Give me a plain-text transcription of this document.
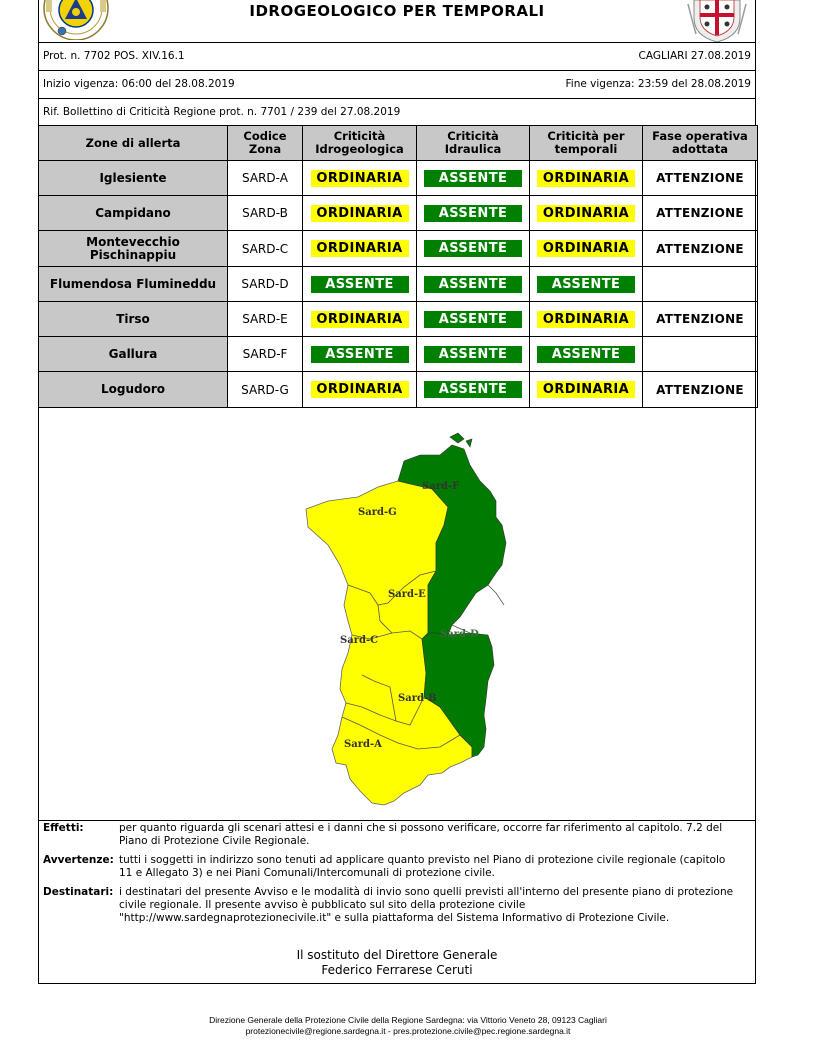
IDROGEOLOGICO PER TEMPORALI
Prot. n. 7702 POS. XIV.16.1	CAGLIARI 27.08.2019
Inizio vigenza: 06:00 del 28.08.2019	Fine vigenza: 23:59 del 28.08.2019
Rif. Bollettino di Criticità Regione prot. n. 7701 / 239 del 27.08.2019
Zone di allerta	Codice Zona	Criticità Idrogeologica	Criticità Idraulica	Criticità per temporali	Fase operativa adottata
Iglesiente	SARD-A	ORDINARIA	ASSENTE	ORDINARIA	ATTENZIONE
Campidano	SARD-B	ORDINARIA	ASSENTE	ORDINARIA	ATTENZIONE
Montevecchio Pischinappiu	SARD-C	ORDINARIA	ASSENTE	ORDINARIA	ATTENZIONE
Flumendosa Flumineddu	SARD-D	ASSENTE	ASSENTE	ASSENTE	
Tirso	SARD-E	ORDINARIA	ASSENTE	ORDINARIA	ATTENZIONE
Gallura	SARD-F	ASSENTE	ASSENTE	ASSENTE	
Logudoro	SARD-G	ORDINARIA	ASSENTE	ORDINARIA	ATTENZIONE
Sard-G
Sard-F
Sard-E
Sard-C
Sard-D
Sard-B
Sard-A
Effetti:	per quanto riguarda gli scenari attesi e i danni che si possono verificare, occorre far riferimento al capitolo. 7.2 del
Piano di Protezione Civile Regionale.
Avvertenze: tutti i soggetti in indirizzo sono tenuti ad applicare quanto previsto nel Piano di protezione civile regionale (capitolo
11 e Allegato 3) e nei Piani Comunali/Intercomunali di protezione civile.
Destinatari: i destinatari del presente Avviso e le modalità di invio sono quelli previsti all'interno del presente piano di protezione
civile regionale. Il presente avviso è pubblicato sul sito della protezione civile
"http://www.sardegnaprotezionecivile.it" e sulla piattaforma del Sistema Informativo di Protezione Civile.
Il sostituto del Direttore Generale
Federico Ferrarese Ceruti
Direzione Generale della Protezione Civile della Regione Sardegna: via Vittorio Veneto 28, 09123 Cagliari
protezionecivile@regione.sardegna.it - pres.protezione.civile@pec.regione.sardegna.it
